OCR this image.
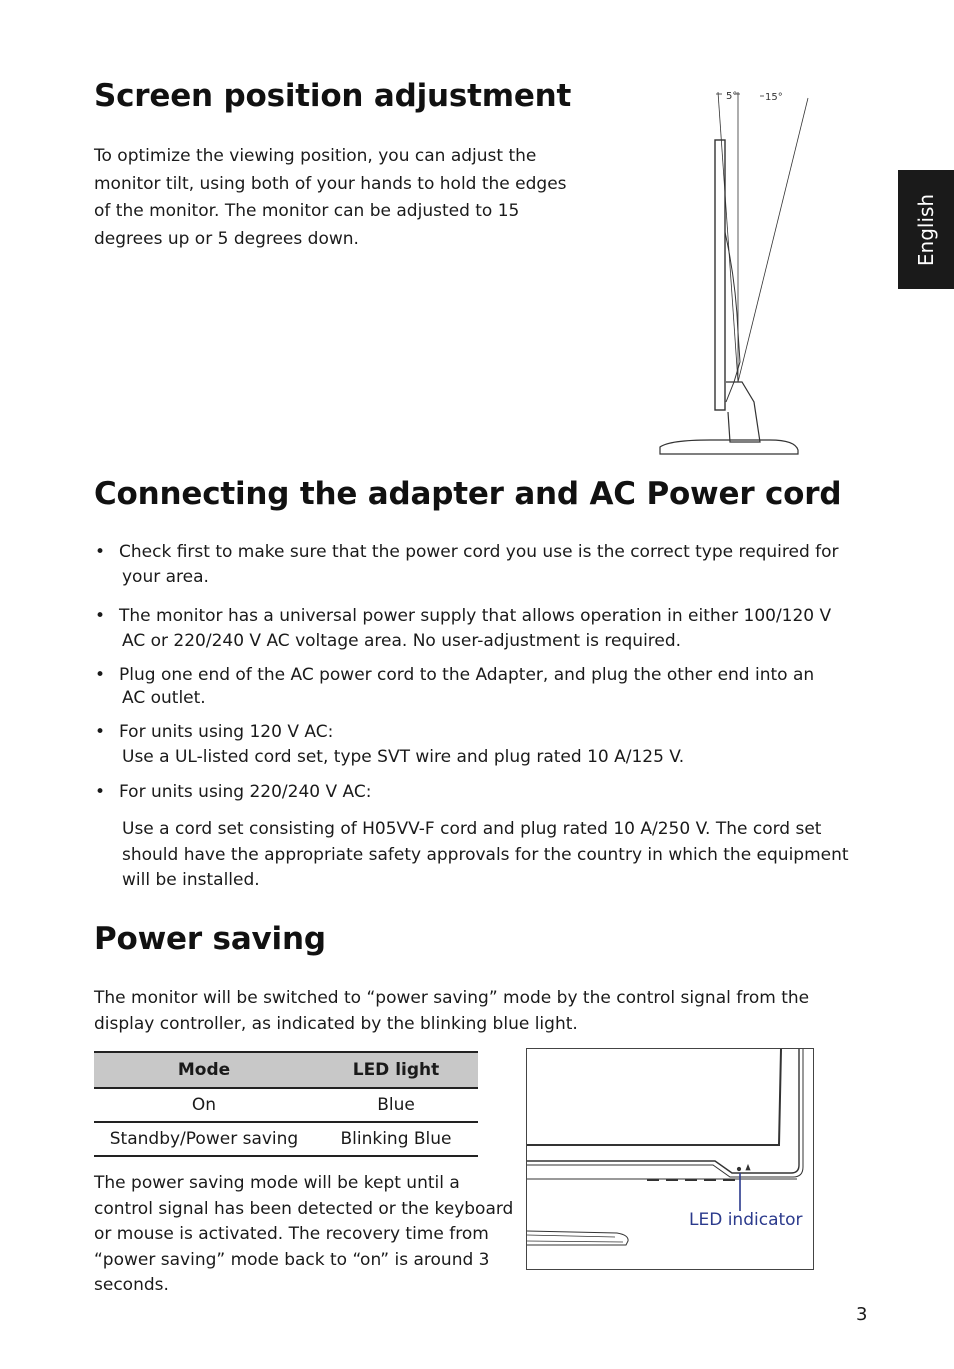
English
Screen position adjustment
To optimize the viewing position, you can adjust the
monitor tilt, using both of your hands to hold the edges
of the monitor. The monitor can be adjusted to 15
degrees up or 5 degrees down.
5°	15°
Connecting the adapter and AC Power cord
• Check first to make sure that the power cord you use is the correct type required for
your area.
• The monitor has a universal power supply that allows operation in either 100/120 V
AC or 220/240 V AC voltage area. No user-adjustment is required.
• Plug one end of the AC power cord to the Adapter, and plug the other end into an
AC outlet.
• For units using 120 V AC:
Use a UL-listed cord set, type SVT wire and plug rated 10 A/125 V.
• For units using 220/240 V AC:
Use a cord set consisting of H05VV-F cord and plug rated 10 A/250 V. The cord set
should have the appropriate safety approvals for the country in which the equipment
will be installed.
Power saving
The monitor will be switched to “power saving” mode by the control signal from the
display controller, as indicated by the blinking blue light.
Mode	LED light
On	Blue
Standby/Power saving	Blinking Blue
The power saving mode will be kept until a
control signal has been detected or the keyboard
or mouse is activated. The recovery time from
“power saving” mode back to “on” is around 3
seconds.
LED indicator
3
